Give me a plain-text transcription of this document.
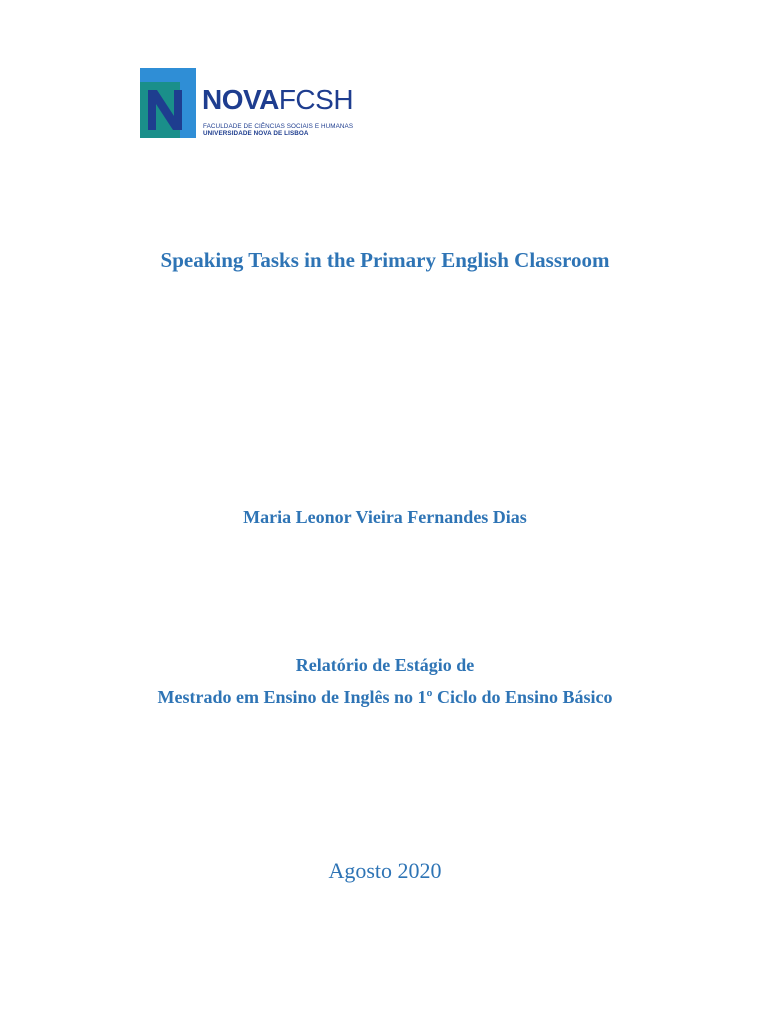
NOVAFCSH
FACULDADE DE CIÊNCIAS SOCIAIS E HUMANAS
UNIVERSIDADE NOVA DE LISBOA
Speaking Tasks in the Primary English Classroom
Maria Leonor Vieira Fernandes Dias
Relatório de Estágio de
Mestrado em Ensino de Inglês no 1º Ciclo do Ensino Básico
Agosto 2020
